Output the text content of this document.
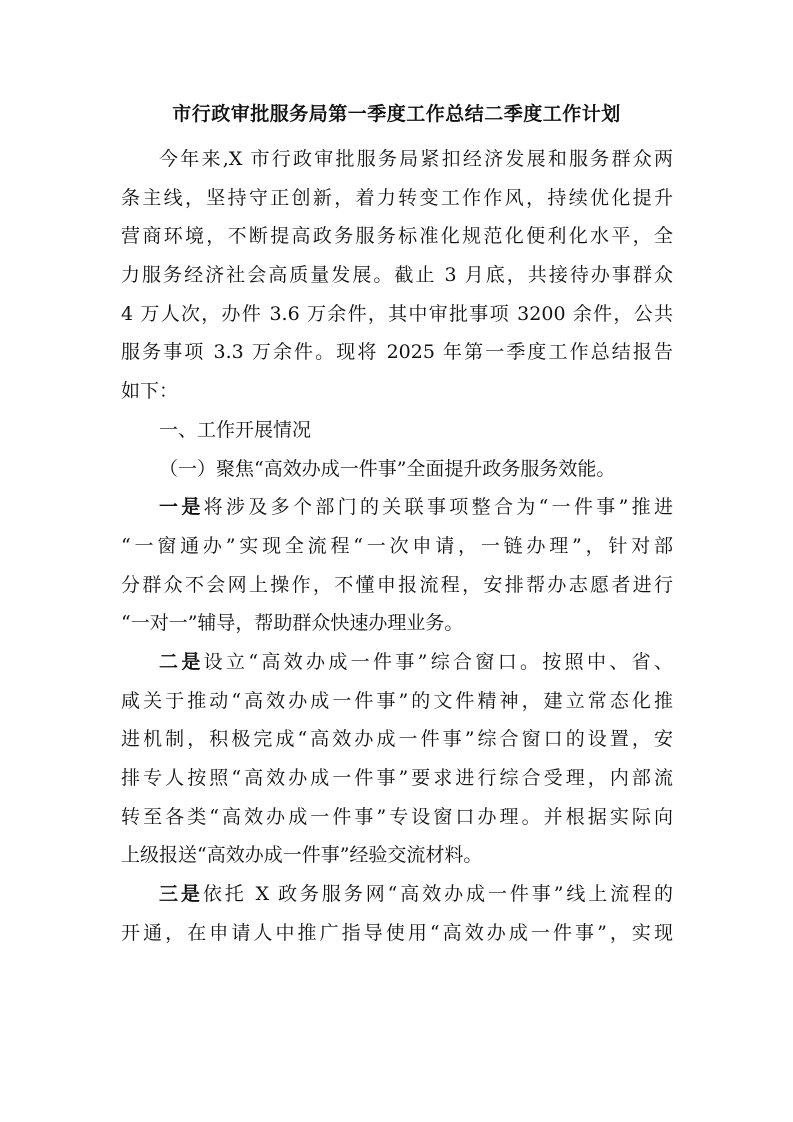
市行政审批服务局第一季度工作总结二季度工作计划
今年来,X 市行政审批服务局紧扣经济发展和服务群众两
条主线，坚持守正创新，着力转变工作作风，持续优化提升
营商环境，不断提高政务服务标准化规范化便利化水平，全
力服务经济社会高质量发展。截止 3 月底，共接待办事群众
4 万人次，办件 3.6 万余件，其中审批事项 3200 余件，公共
服务事项 3.3 万余件。现将 2025 年第一季度工作总结报告
如下：
一、工作开展情况
（一）聚焦“高效办成一件事”全面提升政务服务效能。
一是将涉及多个部门的关联事项整合为“一件事”推进
“一窗通办”实现全流程“一次申请，一链办理”，针对部
分群众不会网上操作，不懂申报流程，安排帮办志愿者进行
“一对一”辅导，帮助群众快速办理业务。
二是设立“高效办成一件事”综合窗口。按照中、省、
咸关于推动“高效办成一件事”的文件精神，建立常态化推
进机制，积极完成“高效办成一件事”综合窗口的设置，安
排专人按照“高效办成一件事”要求进行综合受理，内部流
转至各类“高效办成一件事”专设窗口办理。并根据实际向
上级报送“高效办成一件事”经验交流材料。
三是依托 X 政务服务网“高效办成一件事”线上流程的
开通，在申请人中推广指导使用“高效办成一件事”，实现
